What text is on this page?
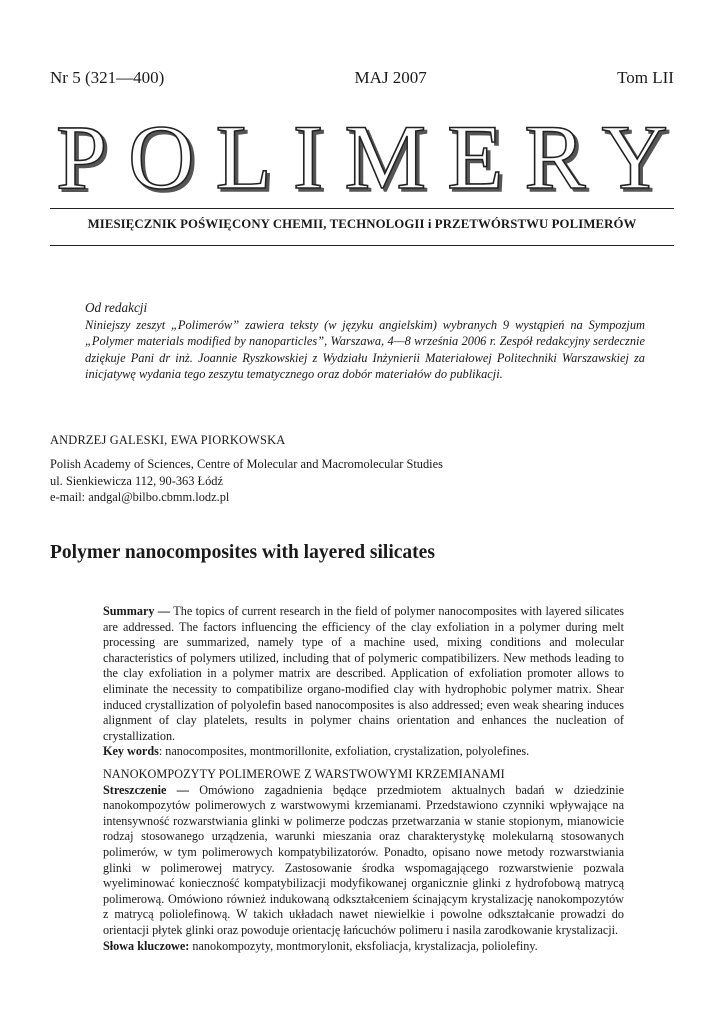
Nr 5 (321—400)	MAJ 2007	Tom LII
POLIMERY
MIESIĘCZNIK POŚWIĘCONY CHEMII, TECHNOLOGII i PRZETWÓRSTWU POLIMERÓW
Od redakcji
Niniejszy zeszyt „Polimerów” zawiera teksty (w języku angielskim) wybranych 9 wystąpień na Sympozjum „Polymer materials modified by nanoparticles”, Warszawa, 4—8 września 2006 r. Zespół redakcyjny serdecznie dziękuje Pani dr inż. Joannie Ryszkowskiej z Wydziału Inżynierii Materiałowej Politechniki Warszawskiej za inicjatywę wydania tego zeszytu tematycznego oraz dobór materiałów do publikacji.
ANDRZEJ GALESKI, EWA PIORKOWSKA
Polish Academy of Sciences, Centre of Molecular and Macromolecular Studies
ul. Sienkiewicza 112, 90-363 Łódź
e-mail: andgal@bilbo.cbmm.lodz.pl
Polymer nanocomposites with layered silicates
Summary — The topics of current research in the field of polymer nanocomposites with layered silicates are addressed. The factors influencing the efficiency of the clay exfoliation in a polymer during melt processing are summarized, namely type of a machine used, mixing conditions and molecular characteristics of polymers utilized, including that of polymeric compatibilizers. New methods leading to the clay exfoliation in a polymer matrix are described. Application of exfoliation promoter allows to eliminate the necessity to compatibilize organo-modified clay with hydrophobic polymer matrix. Shear induced crystallization of polyolefin based nanocomposites is also addressed; even weak shearing induces alignment of clay platelets, results in polymer chains orientation and enhances the nucleation of crystallization.
Key words: nanocomposites, montmorillonite, exfoliation, crystalization, polyolefines.
NANOKOMPOZYTY POLIMEROWE Z WARSTWOWYMI KRZEMIANAMI
Streszczenie — Omówiono zagadnienia będące przedmiotem aktualnych badań w dziedzinie nanokompozytów polimerowych z warstwowymi krzemianami. Przedstawiono czynniki wpływające na intensywność rozwarstwiania glinki w polimerze podczas przetwarzania w stanie stopionym, mianowicie rodzaj stosowanego urządzenia, warunki mieszania oraz charakterystykę molekularną stosowanych polimerów, w tym polimerowych kompatybilizatorów. Ponadto, opisano nowe metody rozwarstwiania glinki w polimerowej matrycy. Zastosowanie środka wspomagającego rozwarstwienie pozwala wyeliminować konieczność kompatybilizacji modyfikowanej organicznie glinki z hydrofobową matrycą polimerową. Omówiono również indukowaną odkształceniem ścinającym krystalizację nanokompozytów z matrycą poliolefinową. W takich układach nawet niewielkie i powolne odkształcanie prowadzi do orientacji płytek glinki oraz powoduje orientację łańcuchów polimeru i nasila zarodkowanie krystalizacji.
Słowa kluczowe: nanokompozyty, montmorylonit, eksfoliacja, krystalizacja, poliolefiny.
